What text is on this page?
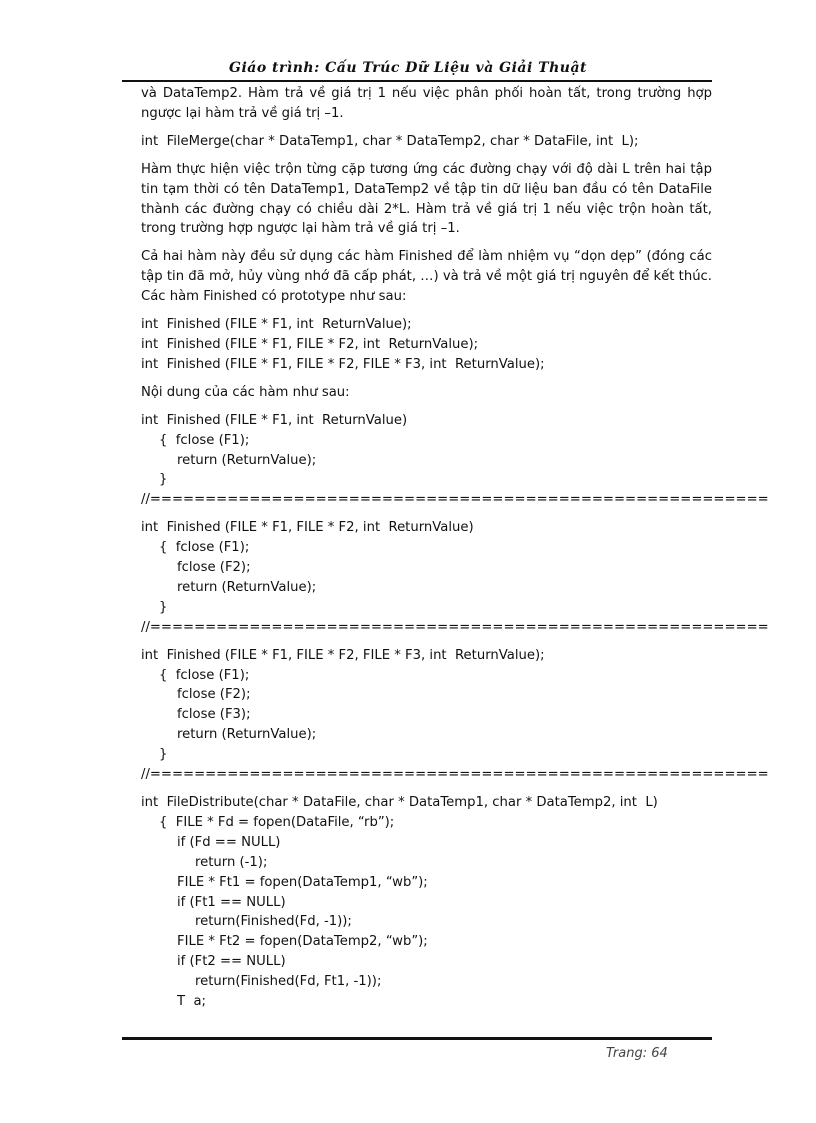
Giáo trình: Cấu Trúc Dữ Liệu và Giải Thuật

và DataTemp2. Hàm trả về giá trị 1 nếu việc phân phối hoàn tất, trong trường hợp ngược lại hàm trả về giá trị –1.

int  FileMerge(char * DataTemp1, char * DataTemp2, char * DataFile, int  L);

Hàm thực hiện việc trộn từng cặp tương ứng các đường chạy với độ dài L trên hai tập tin tạm thời có tên DataTemp1, DataTemp2 về tập tin dữ liệu ban đầu có tên DataFile thành các đường chạy có chiều dài 2*L. Hàm trả về giá trị 1 nếu việc trộn hoàn tất, trong trường hợp ngược lại hàm trả về giá trị –1.

Cả hai hàm này đều sử dụng các hàm Finished để làm nhiệm vụ “dọn dẹp” (đóng các tập tin đã mở, hủy vùng nhớ đã cấp phát, …) và trả về một giá trị nguyên để kết thúc. Các hàm Finished có prototype như sau:

int  Finished (FILE * F1, int  ReturnValue);

int  Finished (FILE * F1, FILE * F2, int  ReturnValue);

int  Finished (FILE * F1, FILE * F2, FILE * F3, int  ReturnValue);

Nội dung của các hàm như sau:

int  Finished (FILE * F1, int  ReturnValue)

{  fclose (F1);

return (ReturnValue);

}

//========================================================

int  Finished (FILE * F1, FILE * F2, int  ReturnValue)

{  fclose (F1);

fclose (F2);

return (ReturnValue);

}

//========================================================

int  Finished (FILE * F1, FILE * F2, FILE * F3, int  ReturnValue);

{  fclose (F1);

fclose (F2);

fclose (F3);

return (ReturnValue);

}

//========================================================

int  FileDistribute(char * DataFile, char * DataTemp1, char * DataTemp2, int  L)

{  FILE * Fd = fopen(DataFile, “rb”);

if (Fd == NULL)

return (-1);

FILE * Ft1 = fopen(DataTemp1, “wb”);

if (Ft1 == NULL)

return(Finished(Fd, -1));

FILE * Ft2 = fopen(DataTemp2, “wb”);

if (Ft2 == NULL)

return(Finished(Fd, Ft1, -1));

T  a;

Trang: 64
